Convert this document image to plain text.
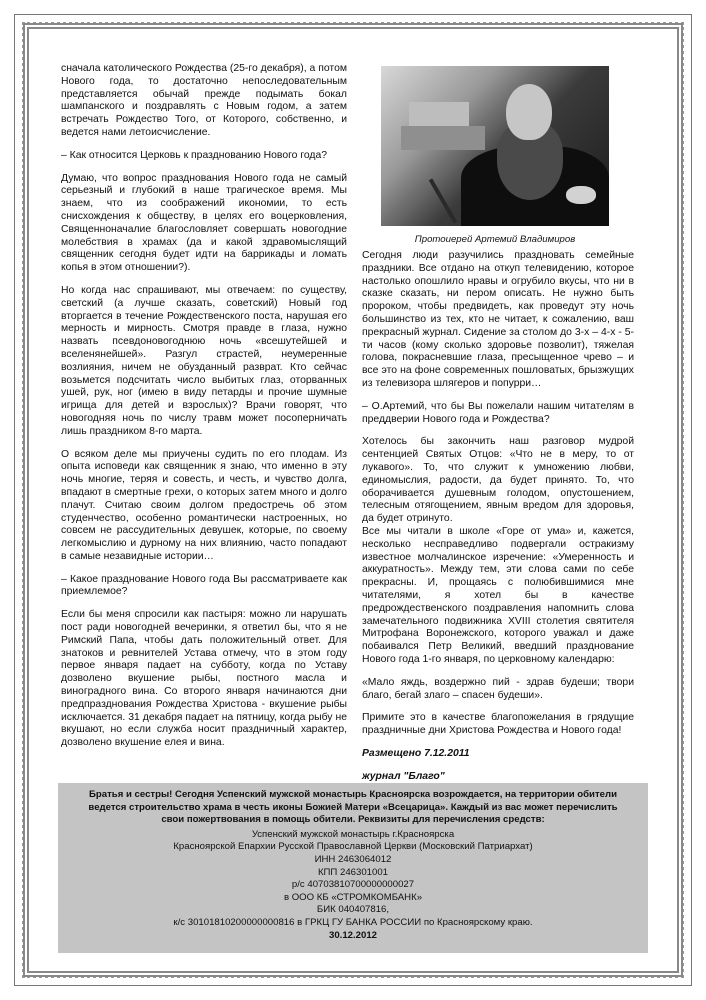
сначала католического Рождества (25-го декабря), а потом Нового года, то достаточно непоследовательным представляется обычай прежде подымать бокал шампанского и поздравлять с Новым годом, а затем встречать Рождество Того, от Которого, собственно, и ведется нами летоисчисление.

– Как относится Церковь к празднованию Нового года?

Думаю, что вопрос празднования Нового года не самый серьезный и глубокий в наше трагическое время. Мы знаем, что из соображений икономии, то есть снисхождения к обществу, в целях его воцерковления, Священноначалие благословляет совершать новогодние молебствия в храмах (да и какой здравомыслящий священник сегодня будет идти на баррикады и ломать копья в этом отношении?).

Но когда нас спрашивают, мы отвечаем: по существу, светский (а лучше сказать, советский) Новый год вторгается в течение Рождественского поста, нарушая его мерность и мирность. Смотря правде в глаза, нужно назвать псевдоновогоднюю ночь «всешутейшей и вселенянейшей». Разгул страстей, неумеренные возлияния, ничем не обузданный разврат. Кто сейчас возьмется подсчитать число выбитых глаз, оторванных ушей, рук, ног (имею в виду петарды и прочие шумные игрища для детей и взрослых)? Врачи говорят, что новогодняя ночь по числу травм может посоперничать лишь праздником 8-го марта.

О всяком деле мы приучены судить по его плодам. Из опыта исповеди как священник я знаю, что именно в эту ночь многие, теряя и совесть, и честь, и чувство долга, впадают в смертные грехи, о которых затем много и долго плачут. Считаю своим долгом предостречь об этом студенчество, особенно романтически настроенных, но совсем не рассудительных девушек, которые, по своему легкомыслию и дурному на них влиянию, часто попадают в самые незавидные истории…

– Какое празднование Нового года Вы рассматриваете как приемлемое?

Если бы меня спросили как пастыря: можно ли нарушать пост ради новогодней вечеринки, я ответил бы, что я не Римский Папа, чтобы дать положительный ответ. Для знатоков и ревнителей Устава отмечу, что в этом году первое января падает на субботу, когда по Уставу дозволено вкушение рыбы, постного масла и виноградного вина. Со второго января начинаются дни предпразднования Рождества Христова - вкушение рыбы исключается. 31 декабря падает на пятницу, когда рыбу не вкушают, но если служба носит праздничный характер, дозволено вкушение елея и вина.

Протоиерей Артемий Владимиров

Сегодня люди разучились праздновать семейные праздники. Все отдано на откуп телевидению, которое настолько опошлило нравы и огрубило вкусы, что ни в сказке сказать, ни пером описать. Не нужно быть пророком, чтобы предвидеть, как проведут эту ночь большинство из тех, кто не читает, к сожалению, ваш прекрасный журнал. Сидение за столом до 3-х – 4-х - 5-ти часов (кому сколько здоровье позволит), тяжелая голова, покрасневшие глаза, пресыщенное чрево – и все это на фоне современных пошловатых, брызжущих из телевизора шлягеров и попурри…

– О.Артемий, что бы Вы пожелали нашим читателям в преддверии Нового года и Рождества?

Хотелось бы закончить наш разговор мудрой сентенцией Святых Отцов: «Что не в меру, то от лукавого». То, что служит к умножению любви, единомыслия, радости, да будет принято. То, что оборачивается душевным голодом, опустошением, телесным отягощением, явным вредом для здоровья, да будет отринуто.

Все мы читали в школе «Горе от ума» и, кажется, несколько несправедливо подвергали остракизму известное молчалинское изречение: «Умеренность и аккуратность». Между тем, эти слова сами по себе прекрасны. И, прощаясь с полюбившимися мне читателями, я хотел бы в качестве предрождественского поздравления напомнить слова замечательного подвижника XVIII столетия святителя Митрофана Воронежского, которого уважал и даже побаивался Петр Великий, введший празднование Нового года 1-го января, по церковному календарю:

«Мало яждь, воздержно пий - здрав будеши; твори благо, бегай злаго – спасен будеши».

Примите это в качестве благопожелания в грядущие праздничные дни Христова Рождества и Нового года!

Размещено 7.12.2011

журнал "Благо"

Братья и сестры! Сегодня Успенский мужской монастырь Красноярска возрождается, на территории обители ведется строительство храма в честь иконы Божией Матери «Всецарица». Каждый из вас может перечислить свои пожертвования в помощь обители. Реквизиты для перечисления средств:
Успенский мужской монастырь г.Красноярска
Красноярской Епархии Русской Православной Церкви (Московский Патриархат)
ИНН 2463064012
КПП 246301001
р/с 40703810700000000027
в ООО КБ «СТРОМКОМБАНК»
БИК 040407816,
к/с 30101810200000000816 в ГРКЦ ГУ БАНКА РОССИИ по Красноярскому краю.
30.12.2012
